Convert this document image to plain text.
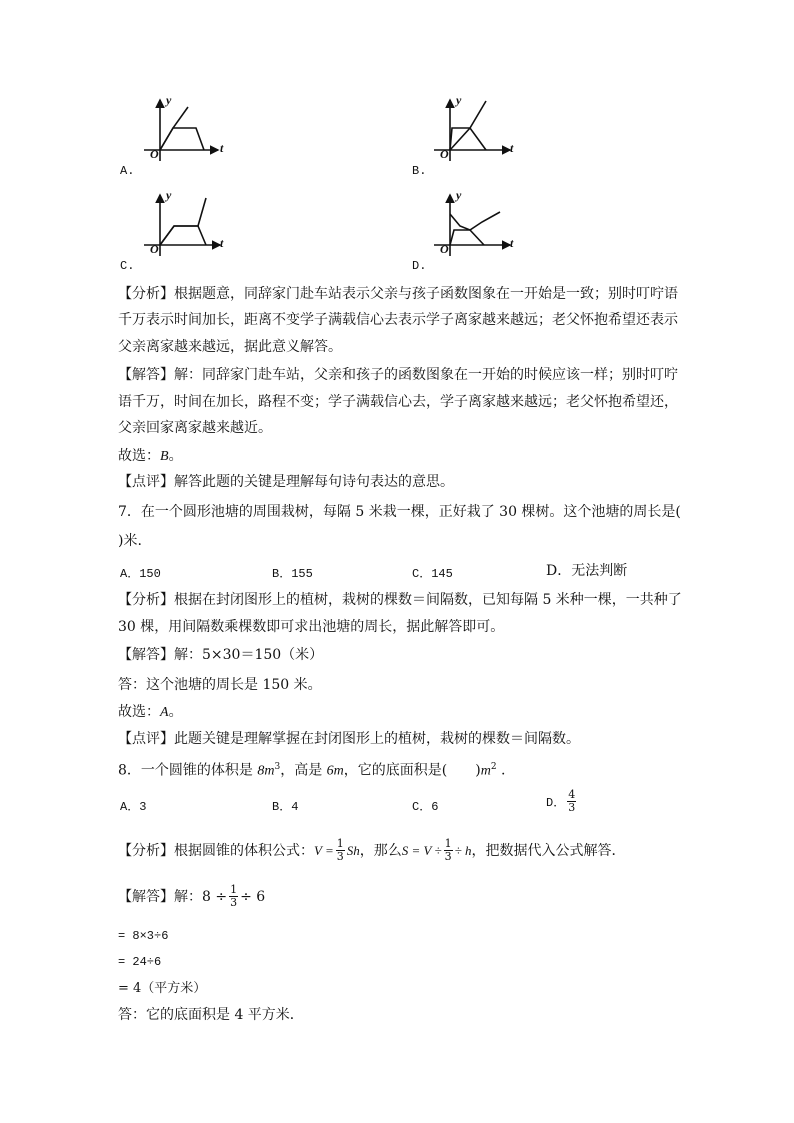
y
t
O
A.
y
t
O
B.
y
t
O
C.
y
t
O
D.
【分析】根据题意，同辞家门赴车站表示父亲与孩子函数图象在一开始是一致；别时叮咛语
千万表示时间加长，距离不变学子满载信心去表示学子离家越来越远；老父怀抱希望还表示
父亲离家越来越远，据此意义解答。
【解答】解：同辞家门赴车站，父亲和孩子的函数图象在一开始的时候应该一样；别时叮咛
语千万，时间在加长，路程不变；学子满载信心去，学子离家越来越远；老父怀抱希望还，
父亲回家离家越来越近。
故选：B。
【点评】解答此题的关键是理解每句诗句表达的意思。
7．在一个圆形池塘的周围栽树，每隔 5 米栽一棵，正好栽了 30 棵树。这个池塘的周长是(
)米.
A．150	B．155	C．145	D．无法判断
【分析】根据在封闭图形上的植树，栽树的棵数＝间隔数，已知每隔 5 米种一棵，一共种了
30 棵，用间隔数乘棵数即可求出池塘的周长，据此解答即可。
【解答】解：5×30＝150（米）
答：这个池塘的周长是 150 米。
故选：A。
【点评】此题关键是理解掌握在封闭图形上的植树，栽树的棵数＝间隔数。
8．一个圆锥的体积是 $8m^3$，高是 6m，它的底面积是(　　)$m^2$ .
A．3	B．4	C．6	D． $\frac{4}{3}$
【分析】 根据圆锥的体积公式： $V = \frac{1}{3}$ Sh ，那么 $S = V \div \frac{1}{3} \div h$ ，把数据代入公式解答．
【解答】 解：$8 \div \frac{1}{3} \div 6$
= 8×3÷6
= 24÷6
= 4（平方米）
答：它的底面积是 4 平方米．
